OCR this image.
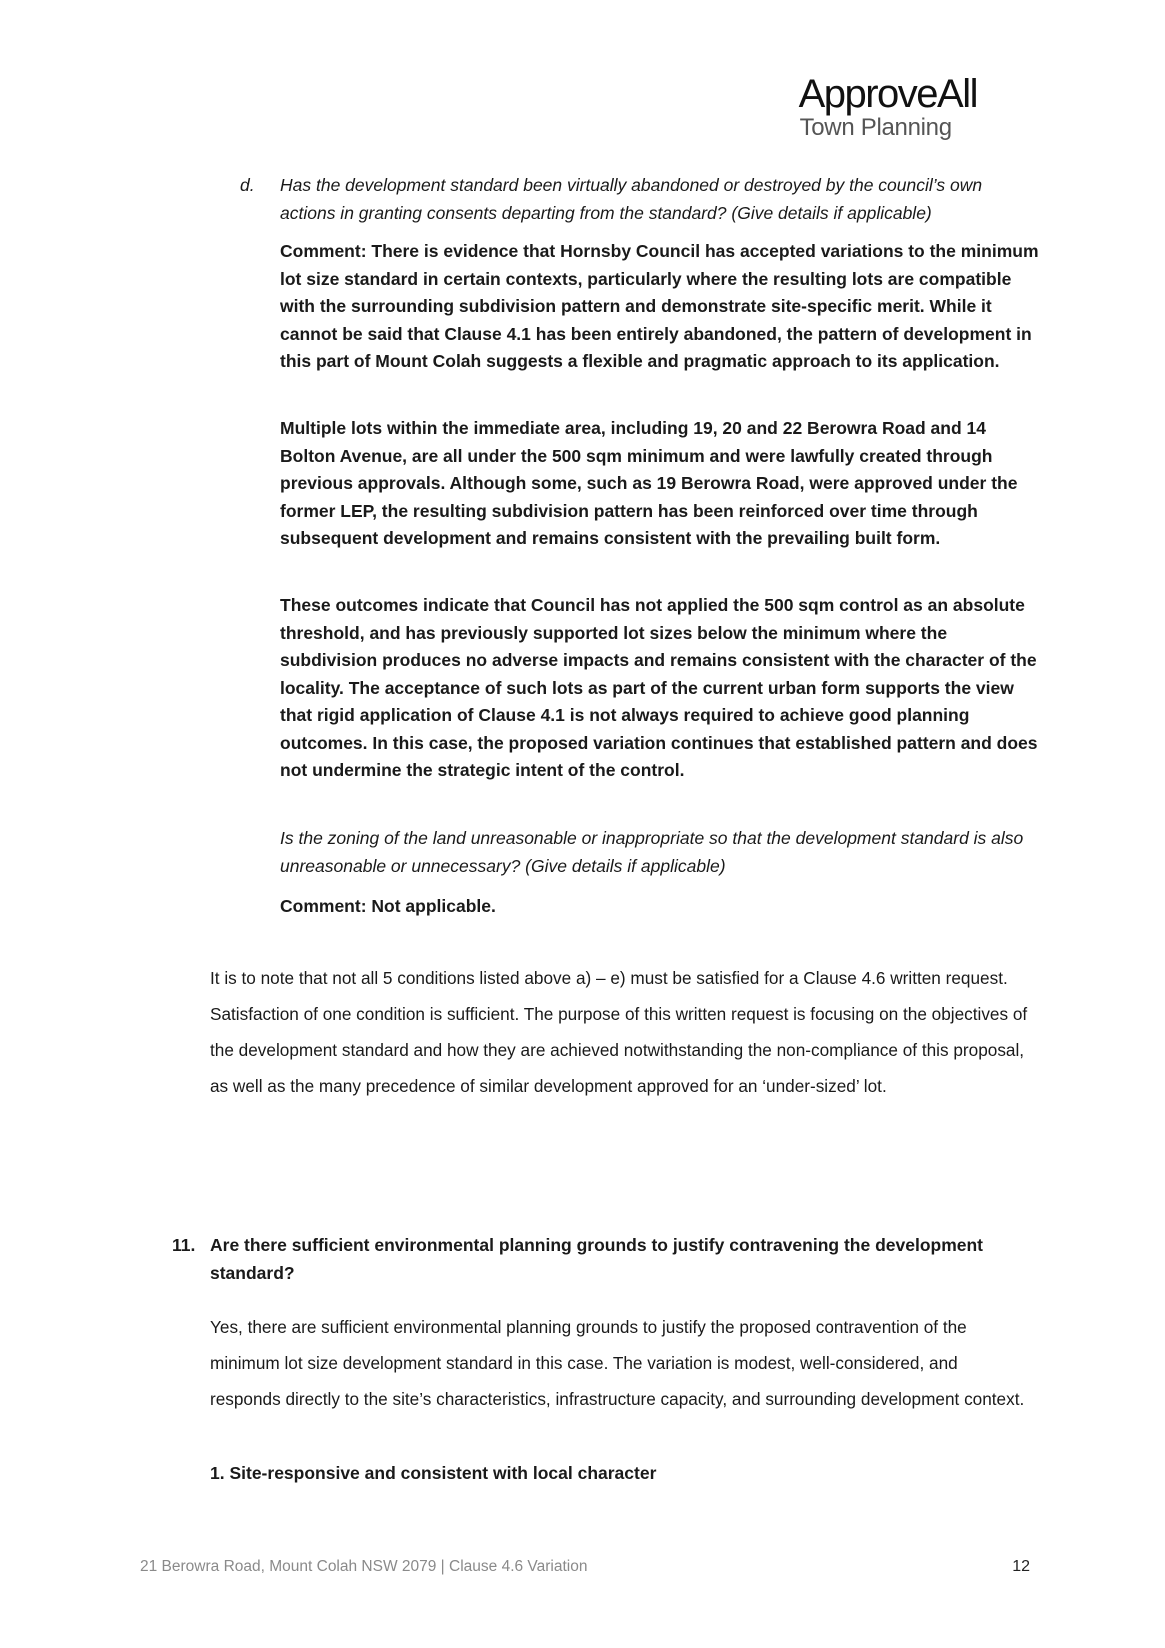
ApproveAll
Town Planning
d. Has the development standard been virtually abandoned or destroyed by the council’s own actions in granting consents departing from the standard? (Give details if applicable)
Comment: There is evidence that Hornsby Council has accepted variations to the minimum lot size standard in certain contexts, particularly where the resulting lots are compatible with the surrounding subdivision pattern and demonstrate site-specific merit. While it cannot be said that Clause 4.1 has been entirely abandoned, the pattern of development in this part of Mount Colah suggests a flexible and pragmatic approach to its application.
Multiple lots within the immediate area, including 19, 20 and 22 Berowra Road and 14 Bolton Avenue, are all under the 500 sqm minimum and were lawfully created through previous approvals. Although some, such as 19 Berowra Road, were approved under the former LEP, the resulting subdivision pattern has been reinforced over time through subsequent development and remains consistent with the prevailing built form.
These outcomes indicate that Council has not applied the 500 sqm control as an absolute threshold, and has previously supported lot sizes below the minimum where the subdivision produces no adverse impacts and remains consistent with the character of the locality. The acceptance of such lots as part of the current urban form supports the view that rigid application of Clause 4.1 is not always required to achieve good planning outcomes. In this case, the proposed variation continues that established pattern and does not undermine the strategic intent of the control.
Is the zoning of the land unreasonable or inappropriate so that the development standard is also unreasonable or unnecessary? (Give details if applicable)
Comment: Not applicable.
It is to note that not all 5 conditions listed above a) – e) must be satisfied for a Clause 4.6 written request. Satisfaction of one condition is sufficient. The purpose of this written request is focusing on the objectives of the development standard and how they are achieved notwithstanding the non-compliance of this proposal, as well as the many precedence of similar development approved for an ‘under-sized’ lot.
11. Are there sufficient environmental planning grounds to justify contravening the development standard?
Yes, there are sufficient environmental planning grounds to justify the proposed contravention of the minimum lot size development standard in this case. The variation is modest, well-considered, and responds directly to the site’s characteristics, infrastructure capacity, and surrounding development context.
1. Site-responsive and consistent with local character
21 Berowra Road, Mount Colah NSW 2079 | Clause 4.6 Variation	12
